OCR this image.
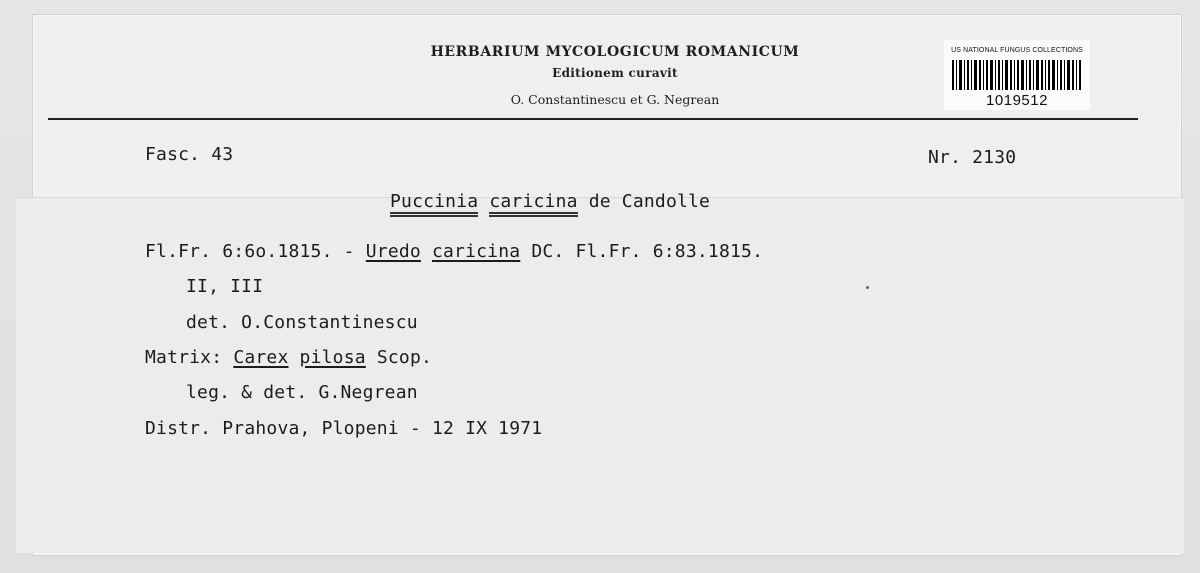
HERBARIUM MYCOLOGICUM ROMANICUM
Editionem curavit
O. Constantinescu et G. Negrean
US NATIONAL FUNGUS COLLECTIONS
1019512
Fasc. 43	Nr. 2130
Puccinia caricina de Candolle
Fl.Fr. 6:6o.1815. - Uredo caricina DC. Fl.Fr. 6:83.1815.
II, III
det. O.Constantinescu
Matrix: Carex pilosa Scop.
leg. & det. G.Negrean
Distr. Prahova, Plopeni - 12 IX 1971
